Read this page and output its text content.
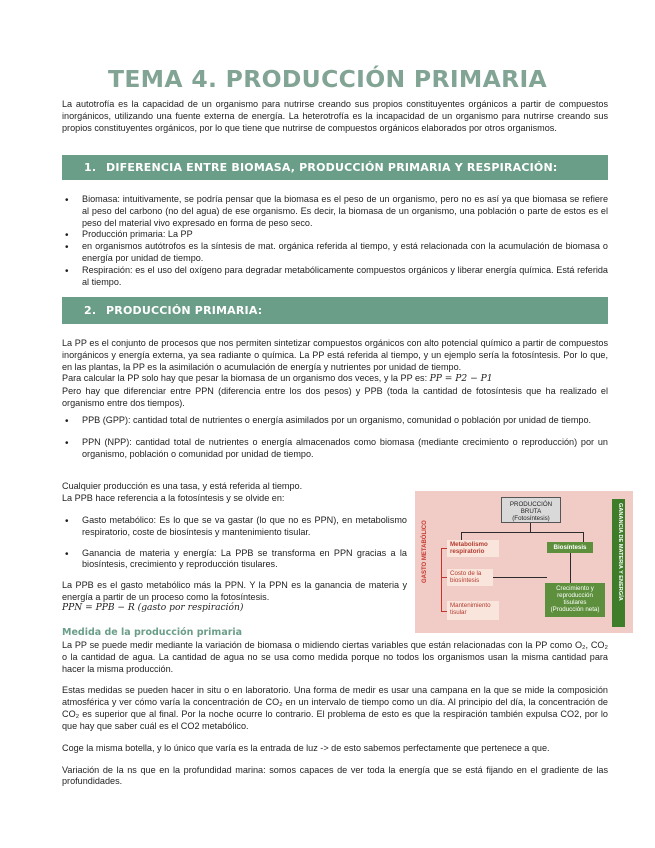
TEMA 4. PRODUCCIÓN PRIMARIA

La autotrofía es la capacidad de un organismo para nutrirse creando sus propios constituyentes orgánicos a partir de compuestos inorgánicos, utilizando una fuente externa de energía. La heterotrofía es la incapacidad de un organismo para nutrirse creando sus propios constituyentes orgánicos, por lo que tiene que nutrirse de compuestos orgánicos elaborados por otros organismos.

1. DIFERENCIA ENTRE BIOMASA, PRODUCCIÓN PRIMARIA Y RESPIRACIÓN:
• Biomasa: intuitivamente, se podría pensar que la biomasa es el peso de un organismo, pero no es así ya que biomasa se refiere al peso del carbono (no del agua) de ese organismo. Es decir, la biomasa de un organismo, una población o parte de estos es el peso del material vivo expresado en forma de peso seco.
• Producción primaria: La PP
• en organismos autótrofos es la síntesis de mat. orgánica referida al tiempo, y está relacionada con la acumulación de biomasa o energía por unidad de tiempo.
• Respiración: es el uso del oxígeno para degradar metabólicamente compuestos orgánicos y liberar energía química. Está referida al tiempo.
2. PRODUCCIÓN PRIMARIA:

La PP es el conjunto de procesos que nos permiten sintetizar compuestos orgánicos con alto potencial químico a partir de compuestos inorgánicos y energía externa, ya sea radiante o química. La PP está referida al tiempo, y un ejemplo sería la fotosíntesis. Por lo que, en las plantas, la PP es la asimilación o acumulación de energía y nutrientes por unidad de tiempo.

Para calcular la PP solo hay que pesar la biomasa de un organismo dos veces, y la PP es: PP = P2 − P1

Pero hay que diferenciar entre PPN (diferencia entre los dos pesos) y PPB (toda la cantidad de fotosíntesis que ha realizado el organismo entre dos tiempos).

• PPB (GPP): cantidad total de nutrientes o energía asimilados por un organismo, comunidad o población por unidad de tiempo.
• PPN (NPP): cantidad total de nutrientes o energía almacenados como biomasa (mediante crecimiento o reproducción) por un organismo, población o comunidad por unidad de tiempo.

Cualquier producción es una tasa, y está referida al tiempo.

La PPB hace referencia a la fotosíntesis y se olvide en:

• Gasto metabólico: Es lo que se va gastar (lo que no es PPN), en metabolismo respiratorio, coste de biosíntesis y mantenimiento tisular.
• Ganancia de materia y energía: La PPB se transforma en PPN gracias a la biosíntesis, crecimiento y reproducción tisulares.

La PPB es el gasto metabólico más la PPN. Y la PPN es la ganancia de materia y energía a partir de un proceso como la fotosíntesis.

PPN = PPB − R (gasto por respiración)

GASTO METABÓLICO	GANANCIA DE MATERIA Y ENERGÍA
PRODUCCIÓN BRUTA (Fotosíntesis)
Metabolismo respiratorio
Biosíntesis
Costo de la biosíntesis
Mantenimiento tisular
Crecimiento y reproducción tisulares (Producción neta)
Medida de la producción primaria

La PP se puede medir mediante la variación de biomasa o midiendo ciertas variables que están relacionadas con la PP como O₂, CO₂ o la cantidad de agua. La cantidad de agua no se usa como medida porque no todos los organismos usan la misma cantidad para hacer la misma producción.

Estas medidas se pueden hacer in situ o en laboratorio. Una forma de medir es usar una campana en la que se mide la composición atmosférica y ver cómo varía la concentración de CO₂ en un intervalo de tiempo como un día. Al principio del día, la concentración de CO₂ es superior que al final. Por la noche ocurre lo contrario. El problema de esto es que la respiración también expulsa CO2, por lo que hay que saber cuál es el CO2 metabólico.

Coge la misma botella, y lo único que varía es la entrada de luz -> de esto sabemos perfectamente que pertenece a que.

Variación de la ns que en la profundidad marina: somos capaces de ver toda la energía que se está fijando en el gradiente de las profundidades.
